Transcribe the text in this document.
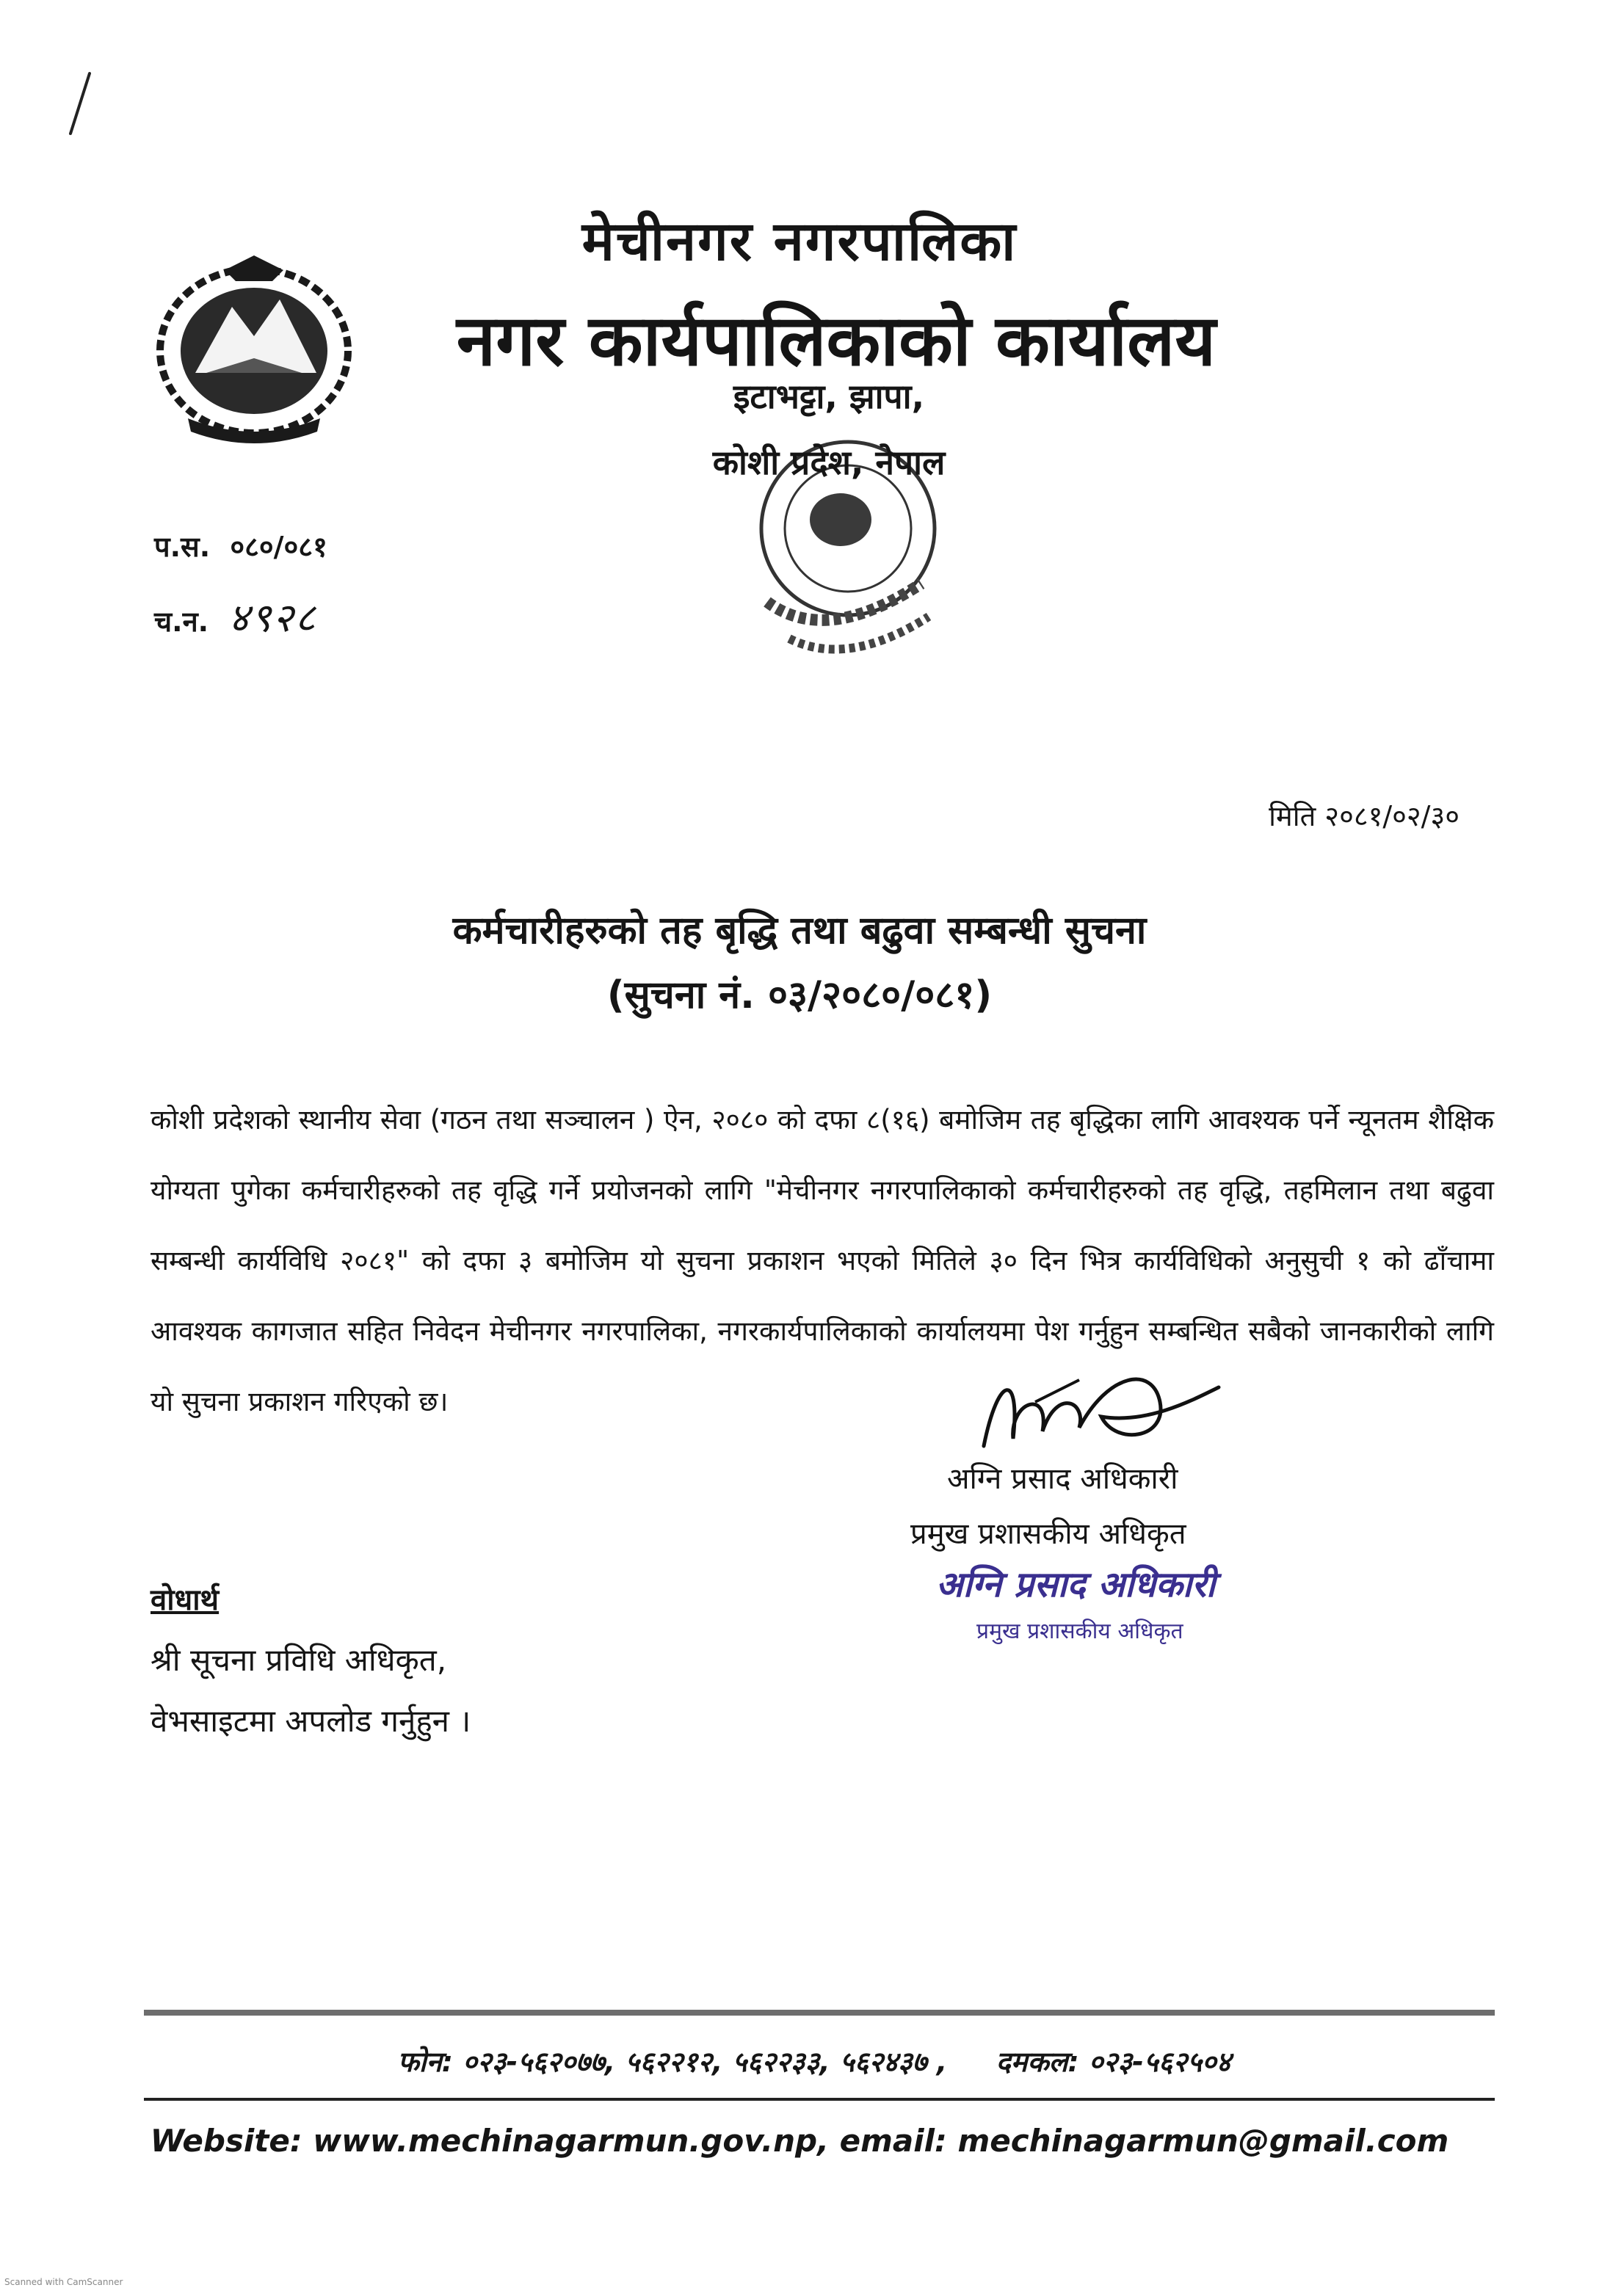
मेचीनगर नगरपालिका
नगर कार्यपालिकाको कार्यालय
इटाभट्टा, झापा,
कोशी प्रदेश, नेपाल
प.स. ०८०/०८१
च.न. ४९२८
मिति २०८१/०२/३०
कर्मचारीहरुको तह बृद्धि तथा बढुवा सम्बन्धी सुचना
(सुचना नं. ०३/२०८०/०८१)
कोशी प्रदेशको स्थानीय सेवा (गठन तथा सञ्चालन ) ऐन, २०८० को दफा ८(१६) बमोजिम तह बृद्धिका लागि आवश्यक पर्ने न्यूनतम शैक्षिक योग्यता पुगेका कर्मचारीहरुको तह वृद्धि गर्ने प्रयोजनको लागि "मेचीनगर नगरपालिकाको कर्मचारीहरुको तह वृद्धि, तहमिलान तथा बढुवा सम्बन्धी कार्यविधि २०८१" को दफा ३ बमोजिम यो सुचना प्रकाशन भएको मितिले ३० दिन भित्र कार्यविधिको अनुसुची १ को ढाँचामा आवश्यक कागजात सहित निवेदन मेचीनगर नगरपालिका, नगरकार्यपालिकाको कार्यालयमा पेश गर्नुहुन सम्बन्धित सबैको जानकारीको लागि यो सुचना प्रकाशन गरिएको छ।
अग्नि प्रसाद अधिकारी
प्रमुख प्रशासकीय अधिकृत
अग्नि प्रसाद अधिकारी
प्रमुख प्रशासकीय अधिकृत
वोधार्थ
श्री सूचना प्रविधि अधिकृत,
वेभसाइटमा अपलोड गर्नुहुन ।
फोन: ०२३-५६२०७७, ५६२२१२, ५६२२३३, ५६२४३७ , दमकल: ०२३-५६२५०४
Website: www.mechinagarmun.gov.np, email: mechinagarmun@gmail.com
Scanned with CamScanner
